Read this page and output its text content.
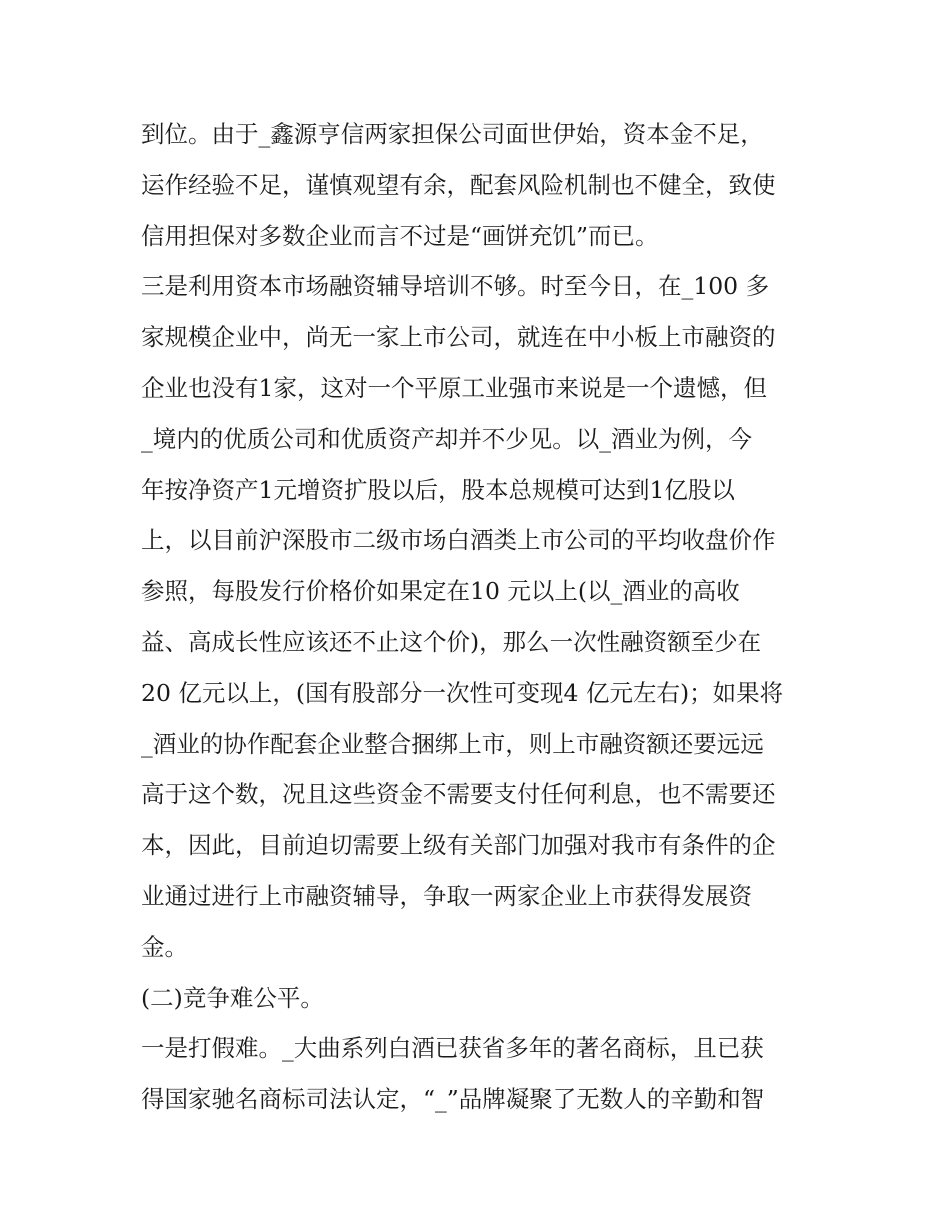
到位。由于_鑫源亨信两家担保公司面世伊始，资本金不足，
运作经验不足，谨慎观望有余，配套风险机制也不健全，致使
信用担保对多数企业而言不过是“画饼充饥”而已。
三是利用资本市场融资辅导培训不够。时至今日，在_100 多
家规模企业中，尚无一家上市公司，就连在中小板上市融资的
企业也没有1家，这对一个平原工业强市来说是一个遗憾，但
_境内的优质公司和优质资产却并不少见。以_酒业为例，今
年按净资产1元增资扩股以后，股本总规模可达到1亿股以
上，以目前沪深股市二级市场白酒类上市公司的平均收盘价作
参照，每股发行价格价如果定在10 元以上(以_酒业的高收
益、高成长性应该还不止这个价)，那么一次性融资额至少在
20 亿元以上，(国有股部分一次性可变现4 亿元左右)；如果将
_酒业的协作配套企业整合捆绑上市，则上市融资额还要远远
高于这个数，况且这些资金不需要支付任何利息，也不需要还
本，因此，目前迫切需要上级有关部门加强对我市有条件的企
业通过进行上市融资辅导，争取一两家企业上市获得发展资
金。
(二)竞争难公平。
一是打假难。_大曲系列白酒已获省多年的著名商标，且已获
得国家驰名商标司法认定，“_”品牌凝聚了无数人的辛勤和智
